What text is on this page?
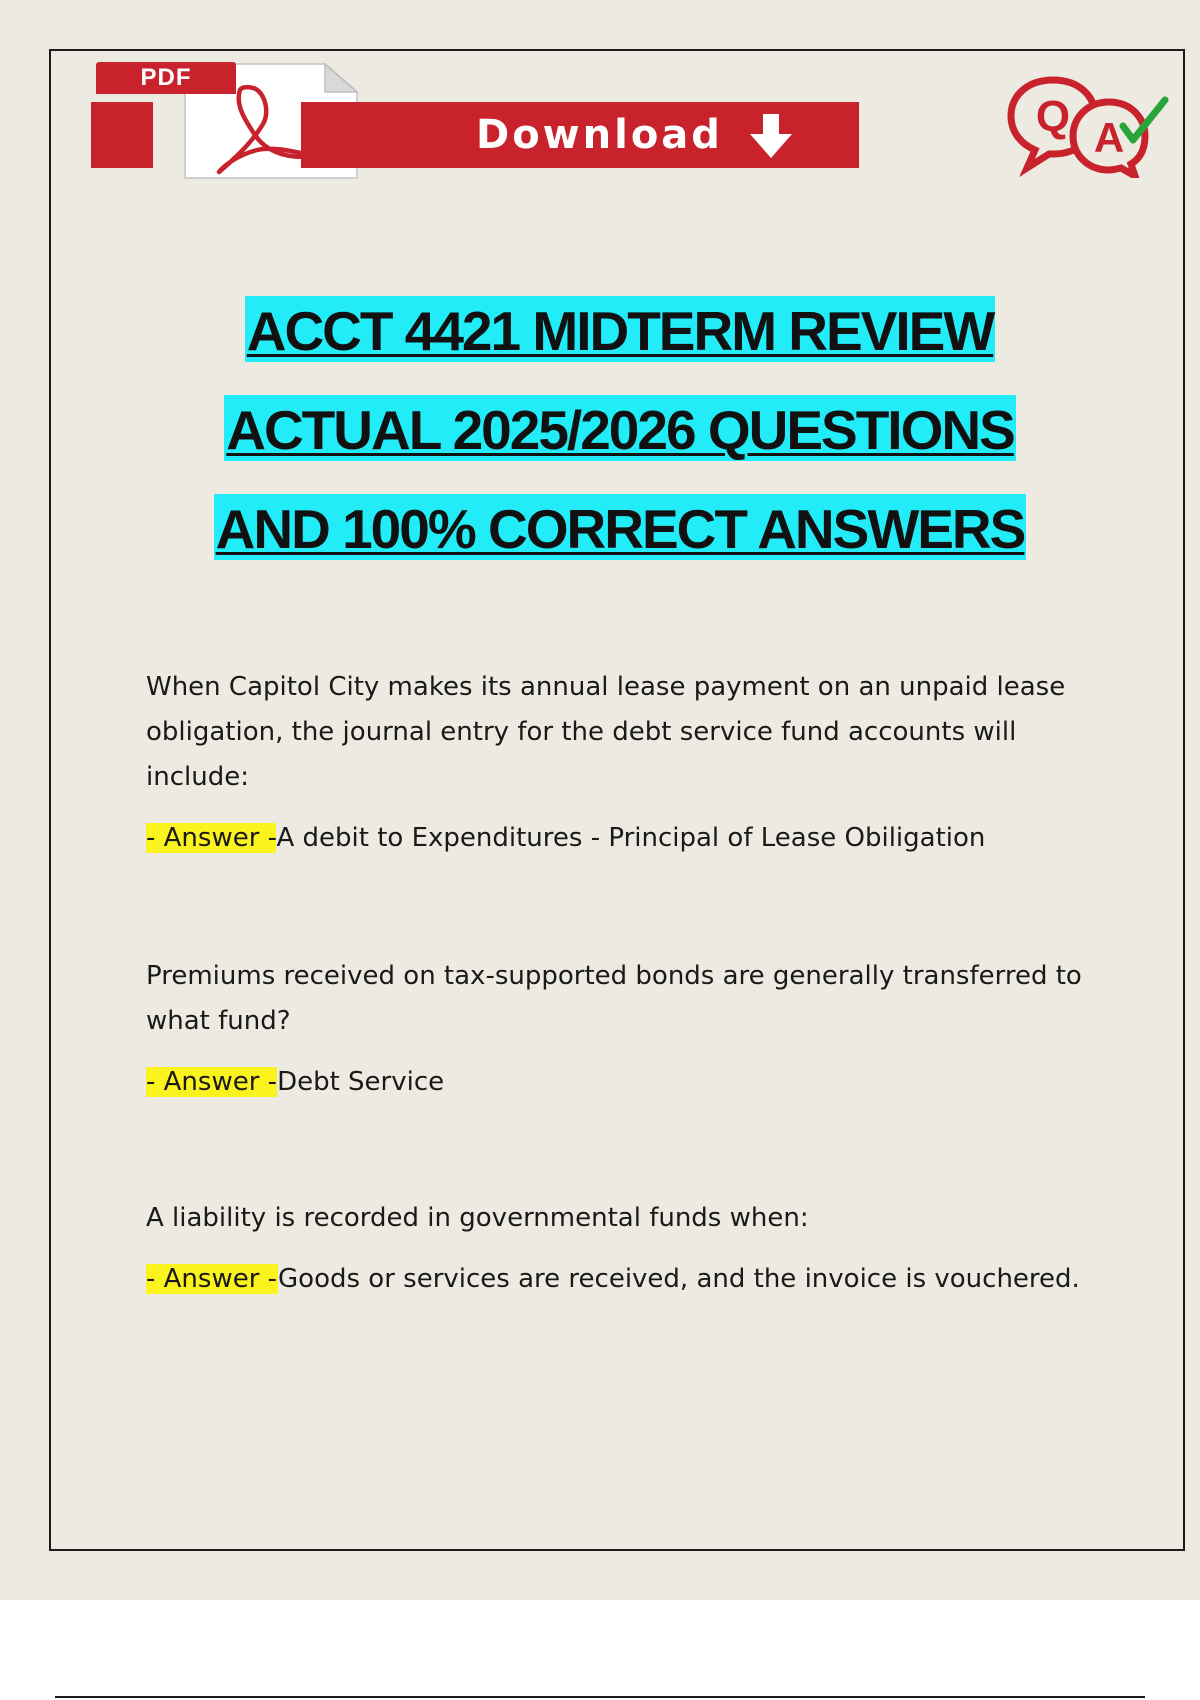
PDF
Download	Q A
ACCT 4421 MIDTERM REVIEW
ACTUAL 2025/2026 QUESTIONS
AND 100% CORRECT ANSWERS

When Capitol City makes its annual lease payment on an unpaid lease

obligation, the journal entry for the debt service fund accounts will

include:

- Answer -A debit to Expenditures - Principal of Lease Obiligation

Premiums received on tax-supported bonds are generally transferred to

what fund?

- Answer -Debt Service

A liability is recorded in governmental funds when:

- Answer -Goods or services are received, and the invoice is vouchered.
